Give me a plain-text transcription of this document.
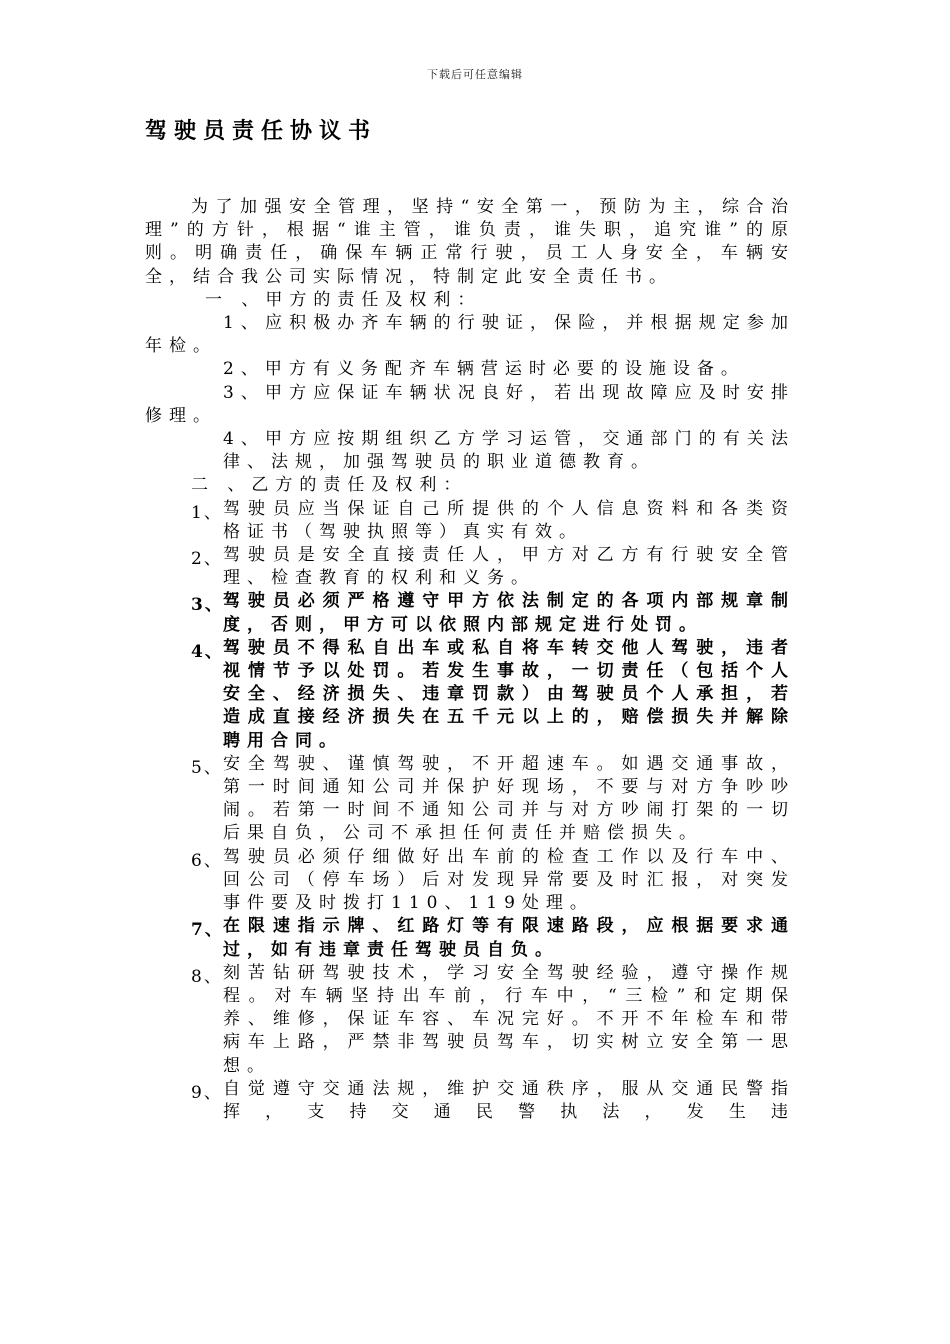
下载后可任意编辑
驾驶员责任协议书

为了加强安全管理，坚持“安全第一，预防为主，综合治理”的方针，根据“谁主管，谁负责，谁失职，追究谁”的原则。明确责任，确保车辆正常行驶，员工人身安全，车辆安全，结合我公司实际情况，特制定此安全责任书。

一 、甲方的责任及权利：

1、应积极办齐车辆的行驶证，保险，并根据规定参加年检。

2、甲方有义务配齐车辆营运时必要的设施设备。

3、甲方应保证车辆状况良好，若出现故障应及时安排修理。

4、甲方应按期组织乙方学习运管，交通部门的有关法律、法规，加强驾驶员的职业道德教育。

二 、乙方的责任及权利：

1、 驾驶员应当保证自己所提供的个人信息资料和各类资格证书（驾驶执照等）真实有效。

2、 驾驶员是安全直接责任人，甲方对乙方有行驶安全管理、检查教育的权利和义务。

3、 驾驶员必须严格遵守甲方依法制定的各项内部规章制度，否则，甲方可以依照内部规定进行处罚。

4、 驾驶员不得私自出车或私自将车转交他人驾驶，违者视情节予以处罚。若发生事故，一切责任（包括个人安全、经济损失、违章罚款）由驾驶员个人承担，若造成直接经济损失在五千元以上的，赔偿损失并解除聘用合同。

5、 安全驾驶、谨慎驾驶，不开超速车。如遇交通事故，第一时间通知公司并保护好现场，不要与对方争吵吵闹。若第一时间不通知公司并与对方吵闹打架的一切后果自负，公司不承担任何责任并赔偿损失。

6、 驾驶员必须仔细做好出车前的检查工作以及行车中、回公司（停车场）后对发现异常要及时汇报，对突发事件要及时拨打110、119处理。

7、 在限速指示牌、红路灯等有限速路段，应根据要求通过，如有违章责任驾驶员自负。

8、 刻苦钻研驾驶技术，学习安全驾驶经验，遵守操作规程。对车辆坚持出车前，行车中，“三检”和定期保养、维修，保证车容、车况完好。不开不年检车和带病车上路，严禁非驾驶员驾车，切实树立安全第一思想。

9、 自觉遵守交通法规，维护交通秩序，服从交通民警指挥，支持交通民警执法，发生违
